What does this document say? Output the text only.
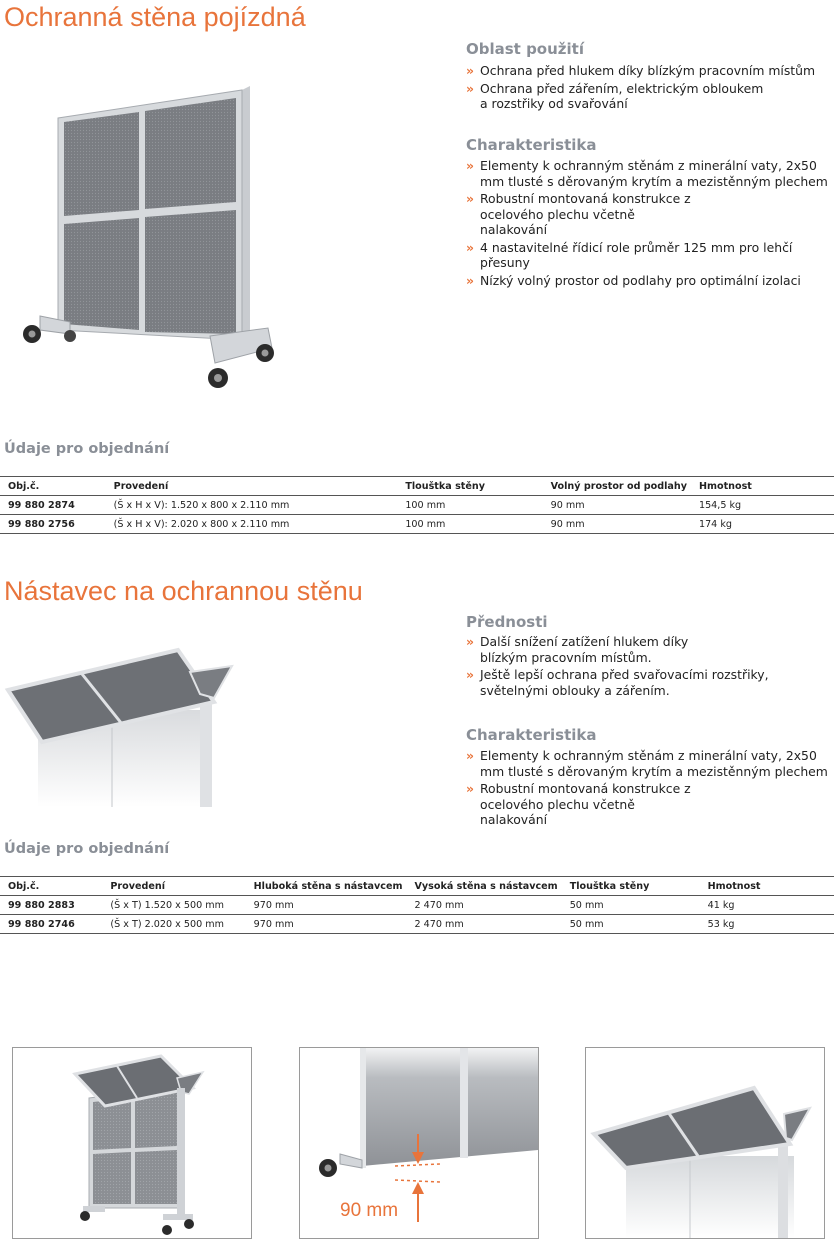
Ochranná stěna pojízdná
Oblast použití
» Ochrana před hlukem díky blízkým pracovním místům
» Ochrana před zářením, elektrickým obloukem a rozstřiky od svařování
Charakteristika
» Elementy k ochranným stěnám z minerální vaty, 2x50 mm tlusté s děrovaným krytím a mezistěnným plechem
» Robustní montovaná konstrukce z ocelového plechu včetně nalakování
» 4 nastavitelné řídicí role průměr 125 mm pro lehčí přesuny
» Nízký volný prostor od podlahy pro optimální izolaci
Údaje pro objednání
Obj.č.	Provedení	Tlouštka stěny	Volný prostor od podlahy	Hmotnost
99 880 2874	(Š x H x V): 1.520 x 800 x 2.110 mm	100 mm	90 mm	154,5 kg
99 880 2756	(Š x H x V): 2.020 x 800 x 2.110 mm	100 mm	90 mm	174 kg
Nástavec na ochrannou stěnu
Přednosti
» Další snížení zatížení hlukem díky blízkým pracovním místům.
» Ještě lepší ochrana před svařovacími rozstřiky, světelnými oblouky a zářením.
Charakteristika
» Elementy k ochranným stěnám z minerální vaty, 2x50 mm tlusté s děrovaným krytím a mezistěnným plechem
» Robustní montovaná konstrukce z ocelového plechu včetně nalakování
Údaje pro objednání
Obj.č.	Provedení	Hluboká stěna s nástavcem	Vysoká stěna s nástavcem	Tlouštka stěny	Hmotnost
99 880 2883	(Š x T) 1.520 x 500 mm	970 mm	2 470 mm	50 mm	41 kg
99 880 2746	(Š x T) 2.020 x 500 mm	970 mm	2 470 mm	50 mm	53 kg
90 mm
